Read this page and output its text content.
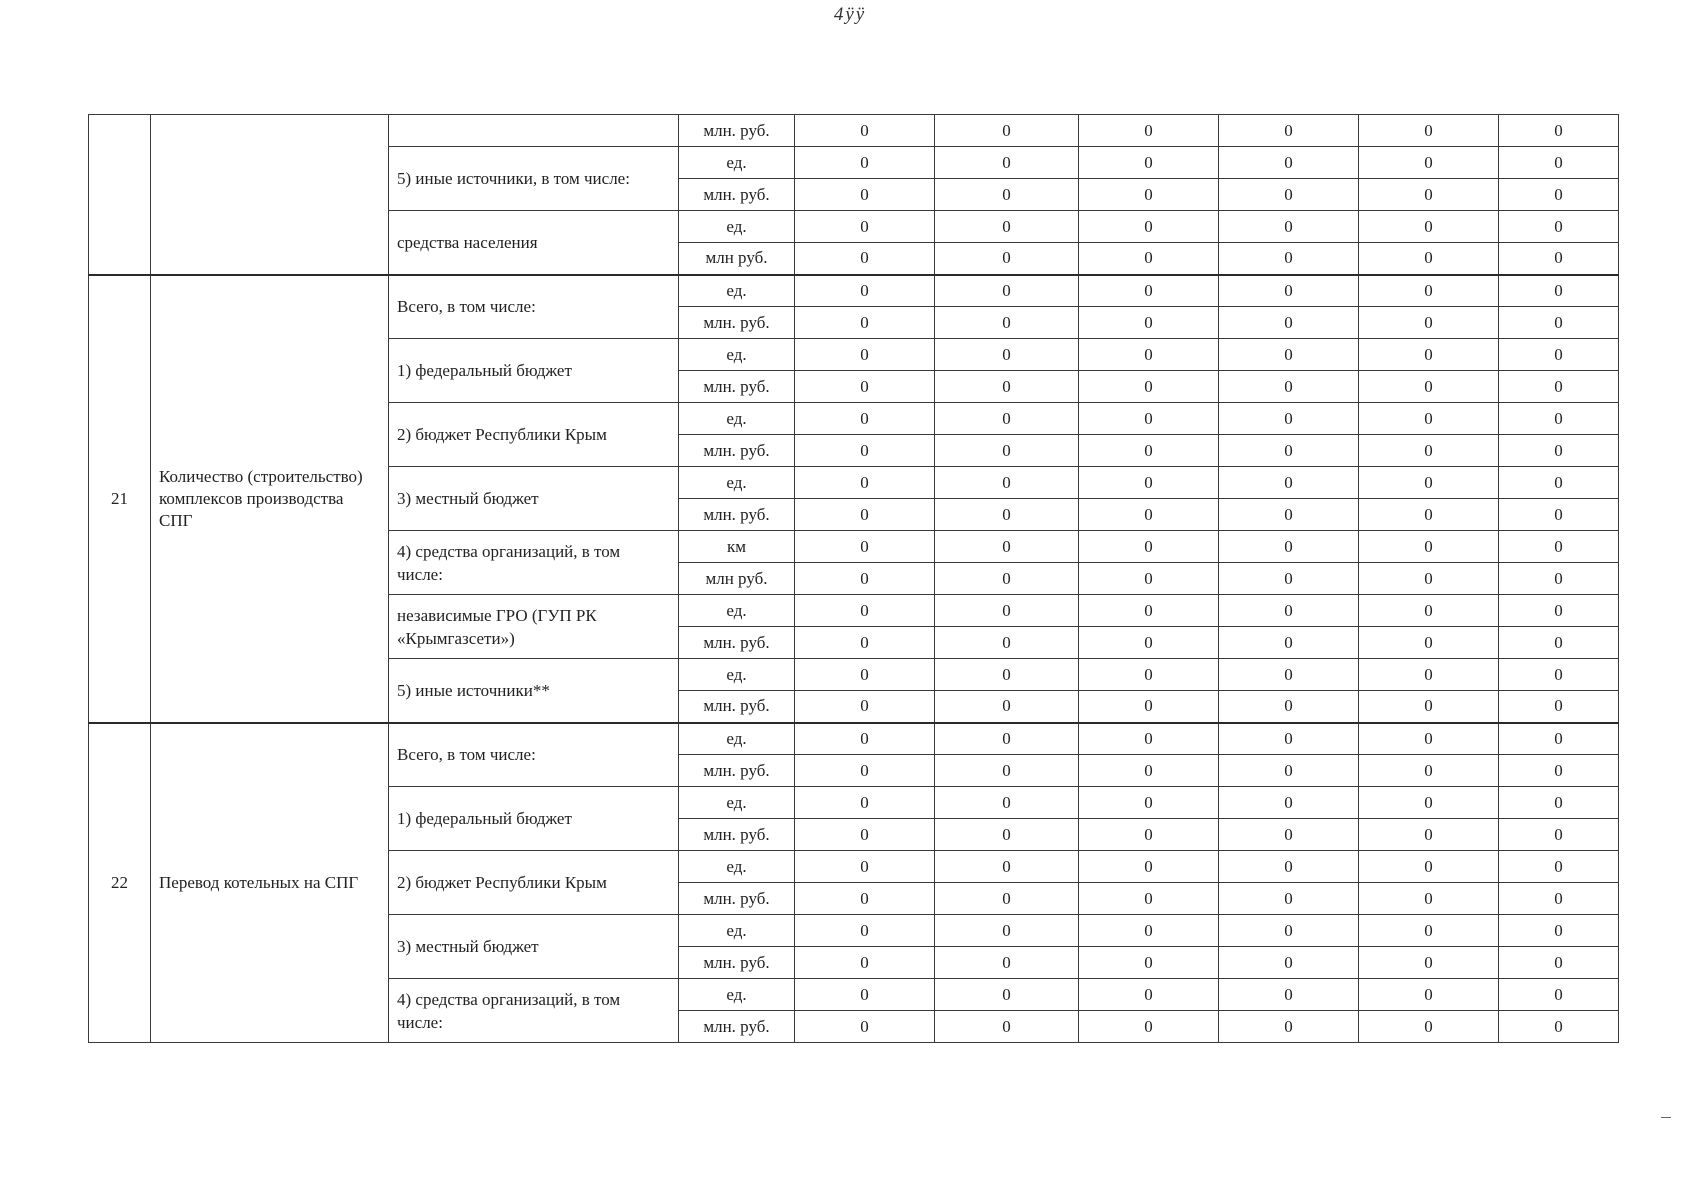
4ÿÿ
			млн. руб.	0	0	0	0	0	0
		5) иные источники, в том числе:	ед.	0	0	0	0	0	0
			млн. руб.	0	0	0	0	0	0
		средства населения	ед.	0	0	0	0	0	0
			млн руб.	0	0	0	0	0	0
21	Количество (строительство) комплексов производства СПГ	Всего, в том числе:	ед.	0	0	0	0	0	0
			млн. руб.	0	0	0	0	0	0
		1) федеральный бюджет	ед.	0	0	0	0	0	0
			млн. руб.	0	0	0	0	0	0
		2) бюджет Республики Крым	ед.	0	0	0	0	0	0
			млн. руб.	0	0	0	0	0	0
		3) местный бюджет	ед.	0	0	0	0	0	0
			млн. руб.	0	0	0	0	0	0
		4) средства организаций, в том числе:	км	0	0	0	0	0	0
			млн руб.	0	0	0	0	0	0
		независимые ГРО (ГУП РК «Крымгазсети»)	ед.	0	0	0	0	0	0
			млн. руб.	0	0	0	0	0	0
		5) иные источники**	ед.	0	0	0	0	0	0
			млн. руб.	0	0	0	0	0	0
22	Перевод котельных на СПГ	Всего, в том числе:	ед.	0	0	0	0	0	0
			млн. руб.	0	0	0	0	0	0
		1) федеральный бюджет	ед.	0	0	0	0	0	0
			млн. руб.	0	0	0	0	0	0
		2) бюджет Республики Крым	ед.	0	0	0	0	0	0
			млн. руб.	0	0	0	0	0	0
		3) местный бюджет	ед.	0	0	0	0	0	0
			млн. руб.	0	0	0	0	0	0
		4) средства организаций, в том числе:	ед.	0	0	0	0	0	0
			млн. руб.	0	0	0	0	0	0
